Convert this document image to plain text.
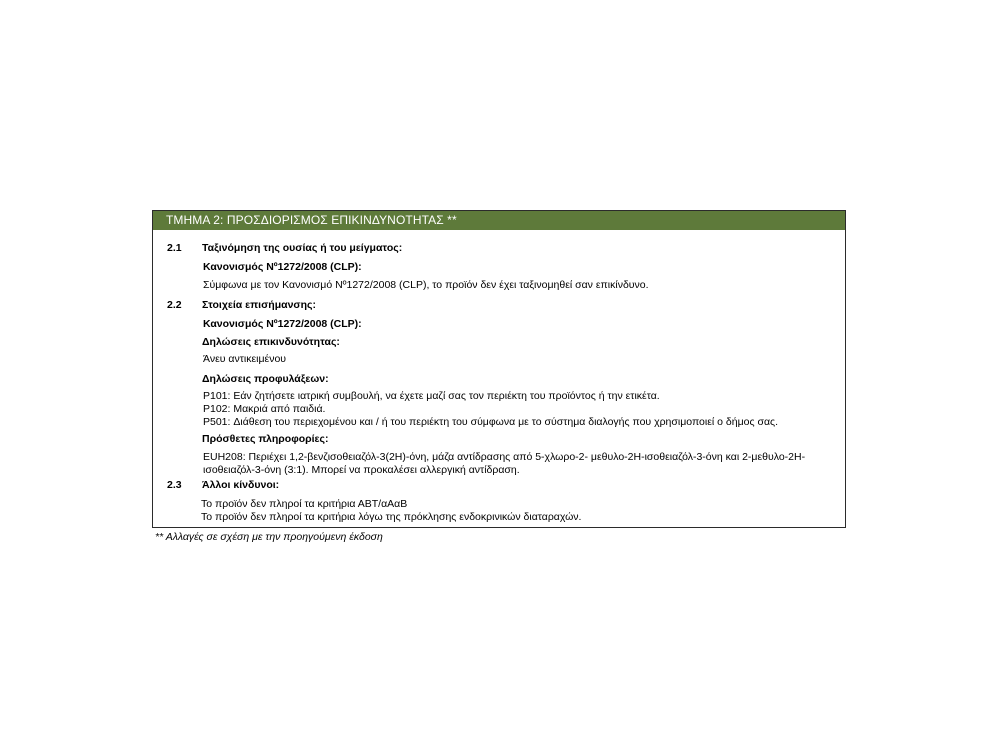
ΤΜΗΜΑ 2: ΠΡΟΣΔΙΟΡΙΣΜΟΣ ΕΠΙΚΙΝΔΥΝΟΤΗΤΑΣ **
2.1 Ταξινόμηση της ουσίας ή του μείγματος:
Κανονισμός Nº1272/2008 (CLP):
Σύμφωνα με τον Κανονισμό Nº1272/2008 (CLP), το προϊόν δεν έχει ταξινομηθεί σαν επικίνδυνο.
2.2 Στοιχεία επισήμανσης:
Κανονισμός Nº1272/2008 (CLP):
Δηλώσεις επικινδυνότητας:
Άνευ αντικειμένου
Δηλώσεις προφυλάξεων:
P101: Εάν ζητήσετε ιατρική συμβουλή, να έχετε μαζί σας τον περιέκτη του προϊόντος ή την ετικέτα.
P102: Μακριά από παιδιά.
P501: Διάθεση του περιεχομένου και / ή του περιέκτη του σύμφωνα με το σύστημα διαλογής που χρησιμοποιεί ο δήμος σας.
Πρόσθετες πληροφορίες:
EUH208: Περιέχει 1,2-βενζισοθειαζόλ-3(2Η)-όνη, μάζα αντίδρασης από 5-χλωρο-2- μεθυλο-2Η-ισοθειαζόλ-3-όνη και 2-μεθυλο-2Η-
ισοθειαζόλ-3-όνη (3:1). Μπορεί να προκαλέσει αλλεργική αντίδραση.
2.3 Άλλοι κίνδυνοι:
Το προϊόν δεν πληροί τα κριτήρια ΑΒΤ/αΑαΒ
Το προϊόν δεν πληροί τα κριτήρια λόγω της πρόκλησης ενδοκρινικών διαταραχών.
** Αλλαγές σε σχέση με την προηγούμενη έκδοση
